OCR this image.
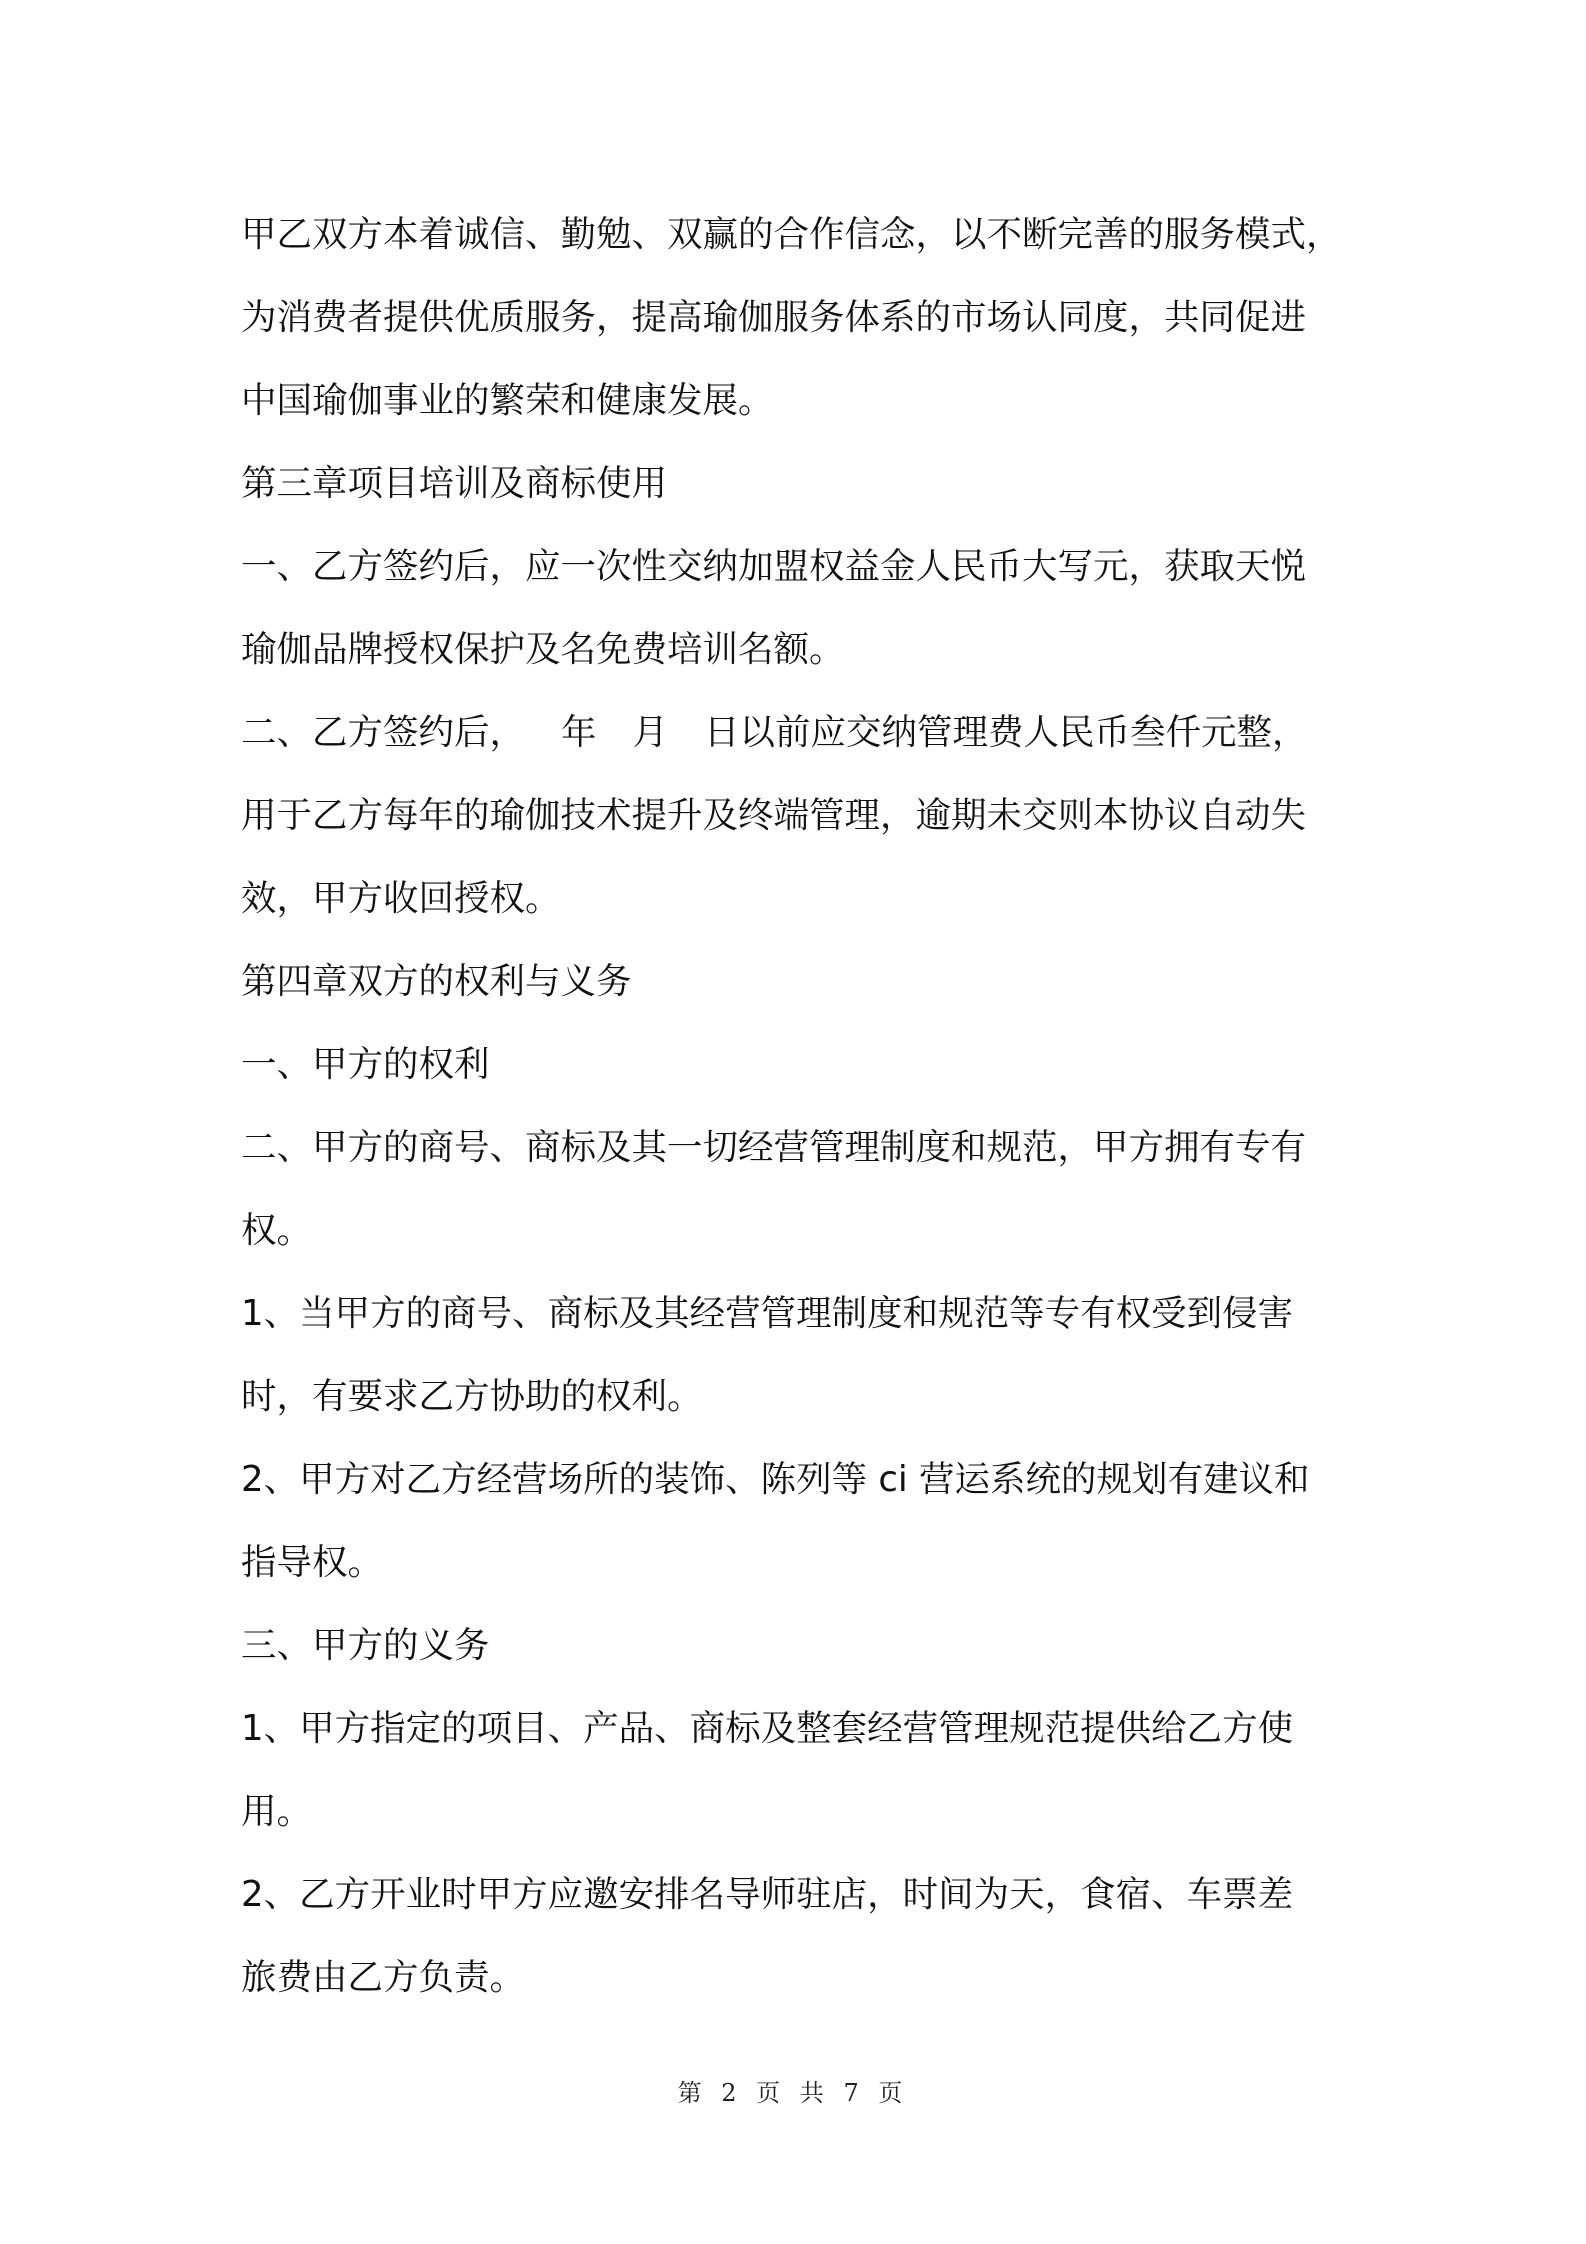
甲乙双方本着诚信、勤勉、双赢的合作信念，以不断完善的服务模式，

为消费者提供优质服务，提高瑜伽服务体系的市场认同度，共同促进

中国瑜伽事业的繁荣和健康发展。

第三章项目培训及商标使用

一、乙方签约后，应一次性交纳加盟权益金人民币大写元，获取天悦

瑜伽品牌授权保护及名免费培训名额。

二、乙方签约后， 年 月 日以前应交纳管理费人民币叁仟元整，

用于乙方每年的瑜伽技术提升及终端管理，逾期未交则本协议自动失

效，甲方收回授权。

第四章双方的权利与义务

一、甲方的权利

二、甲方的商号、商标及其一切经营管理制度和规范，甲方拥有专有

权。

1、当甲方的商号、商标及其经营管理制度和规范等专有权受到侵害

时，有要求乙方协助的权利。

2、甲方对乙方经营场所的装饰、陈列等 ci 营运系统的规划有建议和

指导权。

三、甲方的义务

1、甲方指定的项目、产品、商标及整套经营管理规范提供给乙方使

用。

2、乙方开业时甲方应邀安排名导师驻店，时间为天，食宿、车票差

旅费由乙方负责。

第 2 页 共 7 页
